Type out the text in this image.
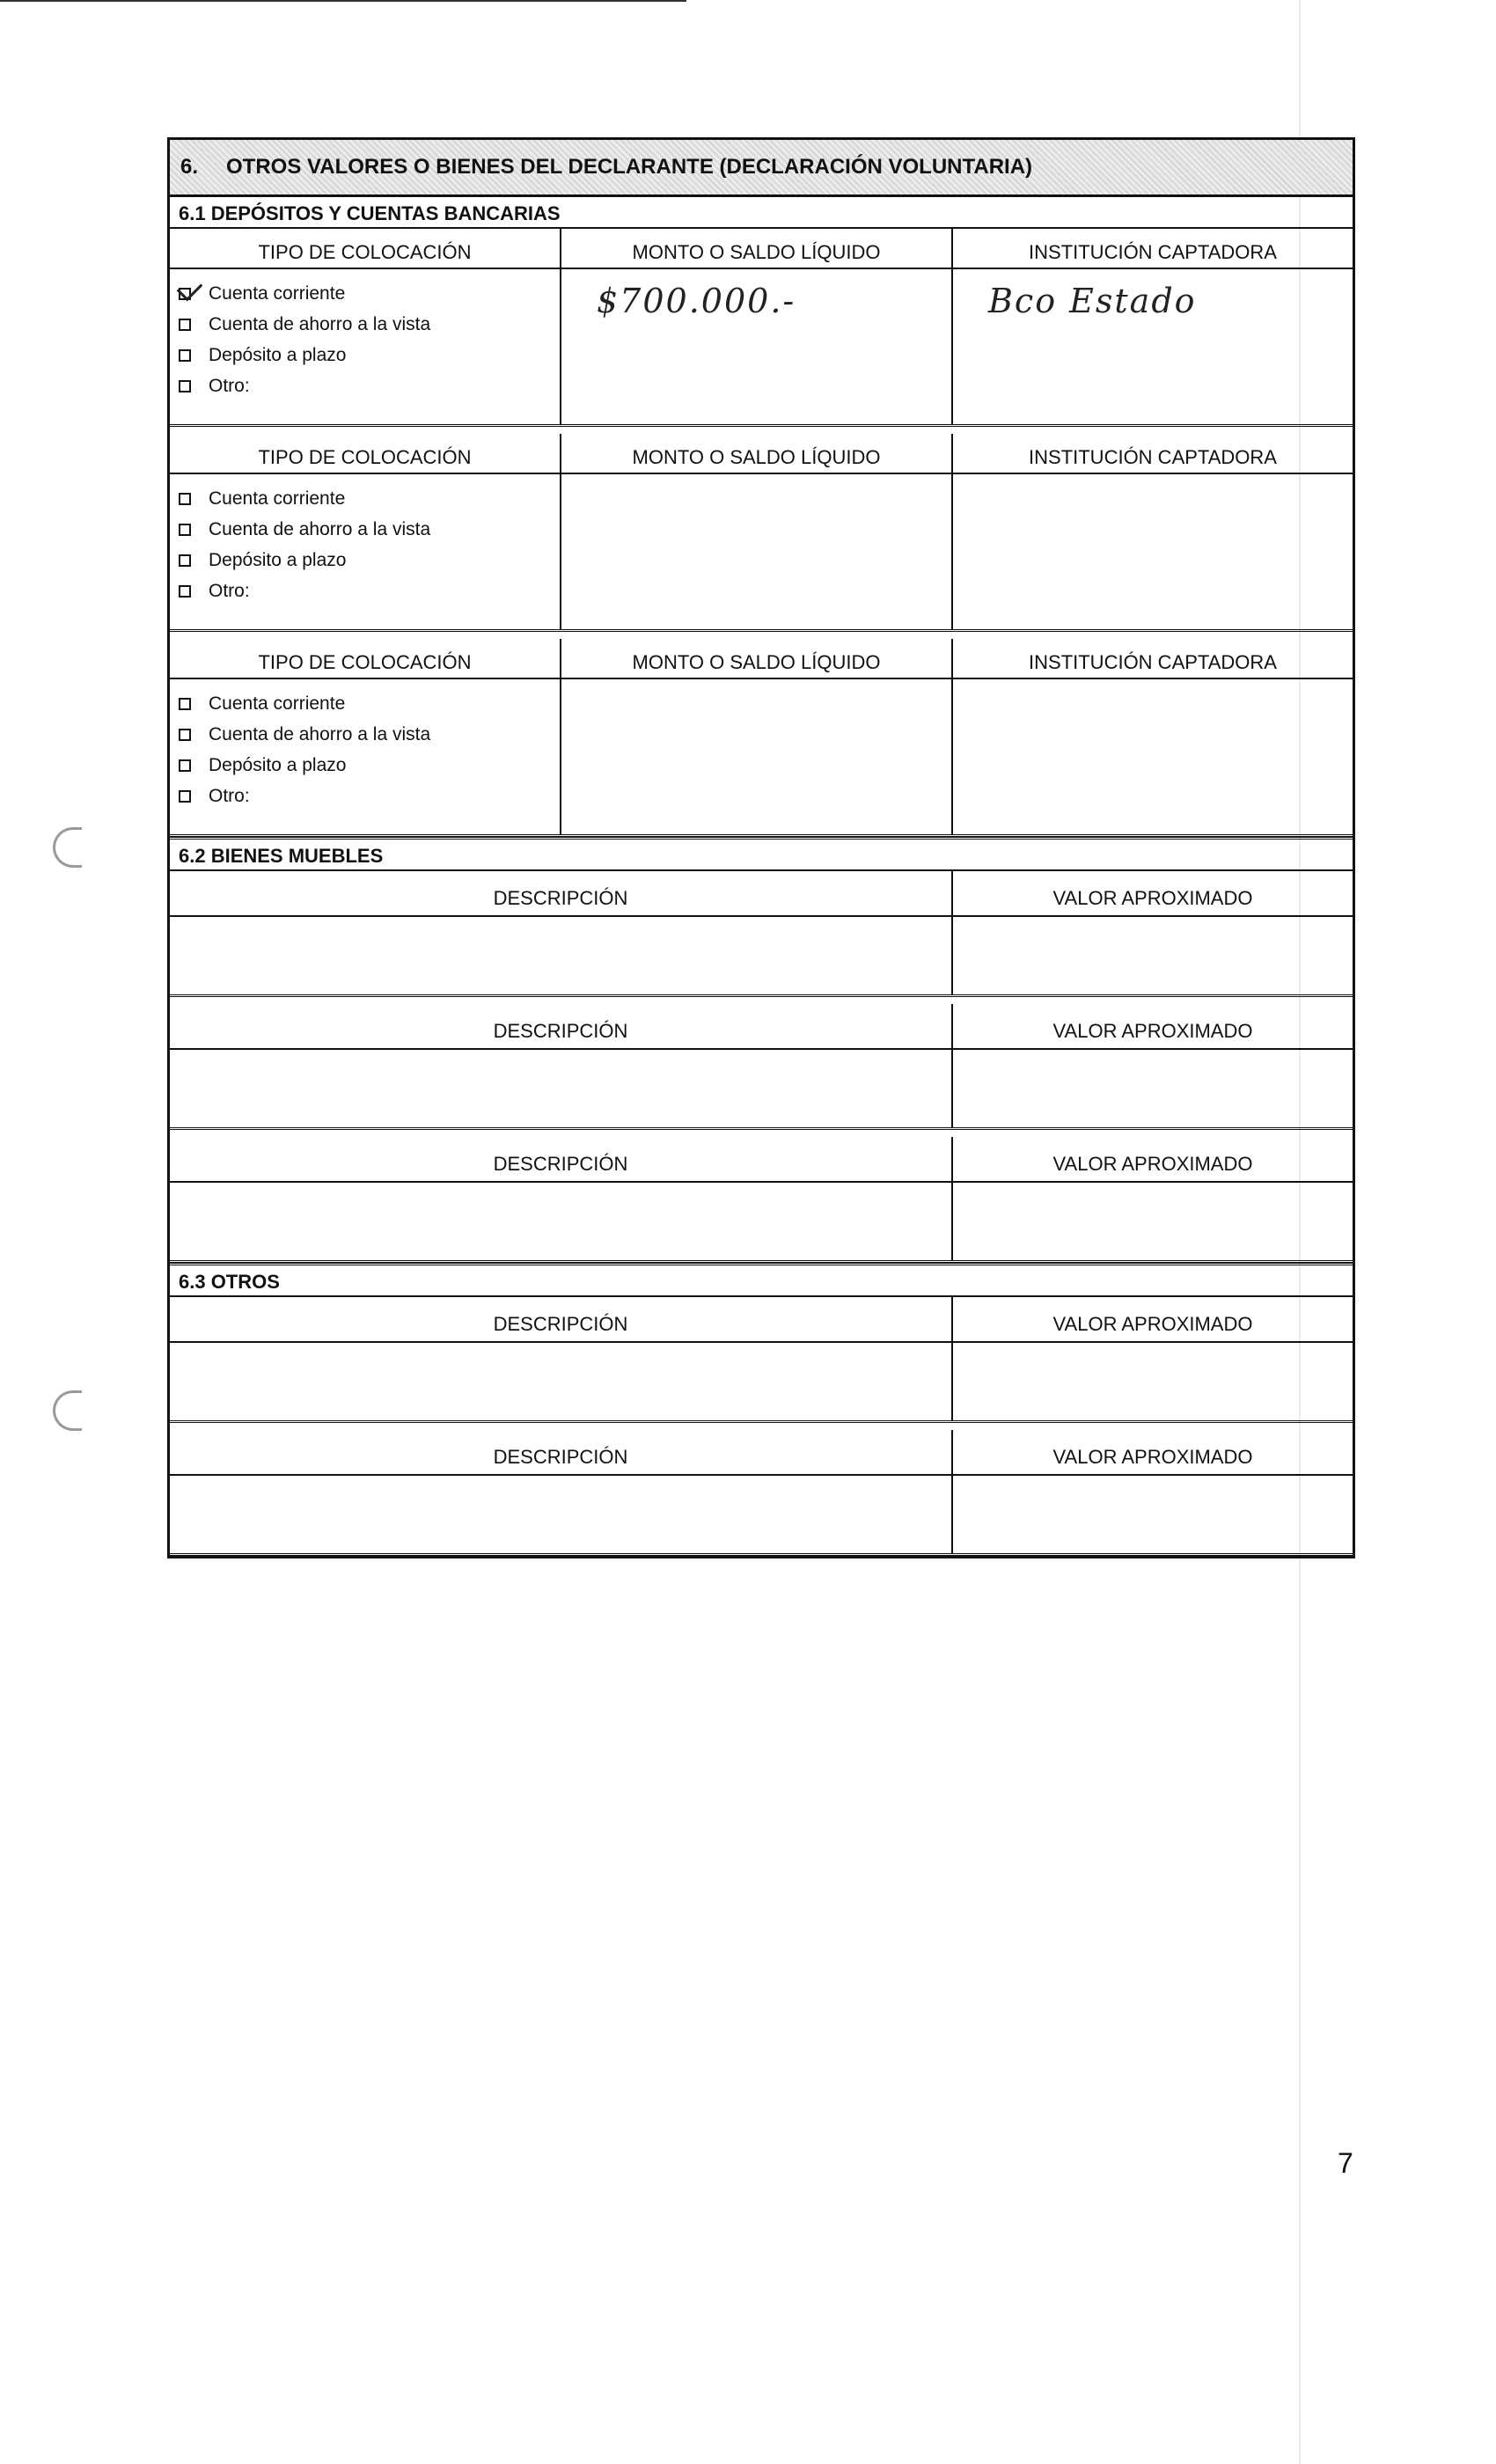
6.	OTROS VALORES O BIENES DEL DECLARANTE (DECLARACIÓN VOLUNTARIA)
6.1 DEPÓSITOS Y CUENTAS BANCARIAS
TIPO DE COLOCACIÓN	MONTO O SALDO LÍQUIDO	INSTITUCIÓN CAPTADORA
Cuenta corriente
Cuenta de ahorro a la vista
Depósito a plazo
Otro:
$700.000.-	Bco Estado
TIPO DE COLOCACIÓN	MONTO O SALDO LÍQUIDO	INSTITUCIÓN CAPTADORA
Cuenta corriente
Cuenta de ahorro a la vista
Depósito a plazo
Otro:
TIPO DE COLOCACIÓN	MONTO O SALDO LÍQUIDO	INSTITUCIÓN CAPTADORA
Cuenta corriente
Cuenta de ahorro a la vista
Depósito a plazo
Otro:
6.2 BIENES MUEBLES
DESCRIPCIÓN	VALOR APROXIMADO
DESCRIPCIÓN	VALOR APROXIMADO
DESCRIPCIÓN	VALOR APROXIMADO
6.3 OTROS
DESCRIPCIÓN	VALOR APROXIMADO
DESCRIPCIÓN	VALOR APROXIMADO
7
